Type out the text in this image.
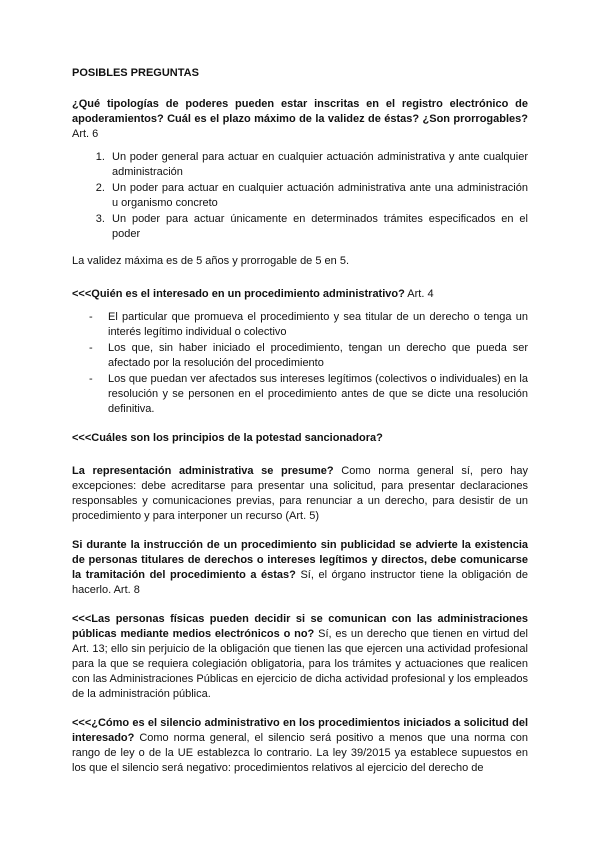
POSIBLES PREGUNTAS
¿Qué tipologías de poderes pueden estar inscritas en el registro electrónico de apoderamientos? Cuál es el plazo máximo de la validez de éstas? ¿Son prorrogables? Art. 6
1. Un poder general para actuar en cualquier actuación administrativa y ante cualquier administración
2. Un poder para actuar en cualquier actuación administrativa ante una administración u organismo concreto
3. Un poder para actuar únicamente en determinados trámites especificados en el poder
La validez máxima es de 5 años y prorrogable de 5 en 5.
<<<Quién es el interesado en un procedimiento administrativo? Art. 4
- El particular que promueva el procedimiento y sea titular de un derecho o tenga un interés legítimo individual o colectivo
- Los que, sin haber iniciado el procedimiento, tengan un derecho que pueda ser afectado por la resolución del procedimiento
- Los que puedan ver afectados sus intereses legítimos (colectivos o individuales) en la resolución y se personen en el procedimiento antes de que se dicte una resolución definitiva.
<<<Cuáles son los principios de la potestad sancionadora?
La representación administrativa se presume? Como norma general sí, pero hay excepciones: debe acreditarse para presentar una solicitud, para presentar declaraciones responsables y comunicaciones previas, para renunciar a un derecho, para desistir de un procedimiento y para interponer un recurso (Art. 5)
Si durante la instrucción de un procedimiento sin publicidad se advierte la existencia de personas titulares de derechos o intereses legítimos y directos, debe comunicarse la tramitación del procedimiento a éstas? Sí, el órgano instructor tiene la obligación de hacerlo. Art. 8
<<<Las personas físicas pueden decidir si se comunican con las administraciones públicas mediante medios electrónicos o no? Sí, es un derecho que tienen en virtud del Art. 13; ello sin perjuicio de la obligación que tienen las que ejercen una actividad profesional para la que se requiera colegiación obligatoria, para los trámites y actuaciones que realicen con las Administraciones Públicas en ejercicio de dicha actividad profesional y los empleados de la administración pública.
<<<¿Cómo es el silencio administrativo en los procedimientos iniciados a solicitud del interesado? Como norma general, el silencio será positivo a menos que una norma con rango de ley o de la UE establezca lo contrario. La ley 39/2015 ya establece supuestos en los que el silencio será negativo: procedimientos relativos al ejercicio del derecho de
